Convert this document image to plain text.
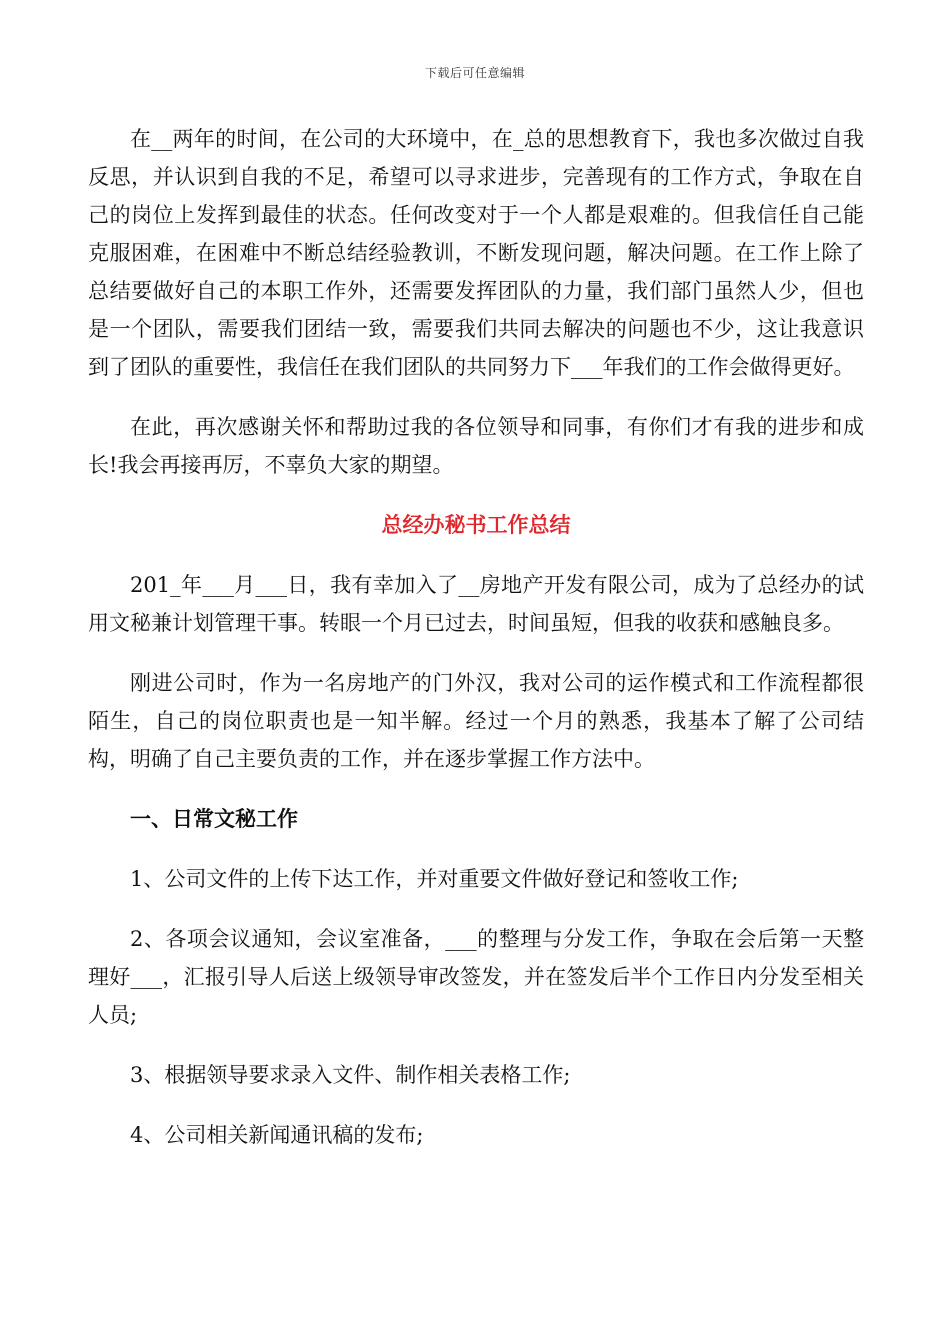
下载后可任意编辑

在__两年的时间，在公司的大环境中，在_总的思想教育下，我也多次做过自我反思，并认识到自我的不足，希望可以寻求进步，完善现有的工作方式，争取在自己的岗位上发挥到最佳的状态。任何改变对于一个人都是艰难的。但我信任自己能克服困难，在困难中不断总结经验教训，不断发现问题，解决问题。在工作上除了总结要做好自己的本职工作外，还需要发挥团队的力量，我们部门虽然人少，但也是一个团队，需要我们团结一致，需要我们共同去解决的问题也不少，这让我意识到了团队的重要性，我信任在我们团队的共同努力下___年我们的工作会做得更好。

在此，再次感谢关怀和帮助过我的各位领导和同事，有你们才有我的进步和成长!我会再接再厉，不辜负大家的期望。

总经办秘书工作总结

201_年___月___日，我有幸加入了__房地产开发有限公司，成为了总经办的试用文秘兼计划管理干事。转眼一个月已过去，时间虽短，但我的收获和感触良多。

刚进公司时，作为一名房地产的门外汉，我对公司的运作模式和工作流程都很陌生，自己的岗位职责也是一知半解。经过一个月的熟悉，我基本了解了公司结构，明确了自己主要负责的工作，并在逐步掌握工作方法中。

一、日常文秘工作

1、公司文件的上传下达工作，并对重要文件做好登记和签收工作;

2、各项会议通知，会议室准备，___的整理与分发工作，争取在会后第一天整理好___，汇报引导人后送上级领导审改签发，并在签发后半个工作日内分发至相关人员;

3、根据领导要求录入文件、制作相关表格工作;

4、公司相关新闻通讯稿的发布;
